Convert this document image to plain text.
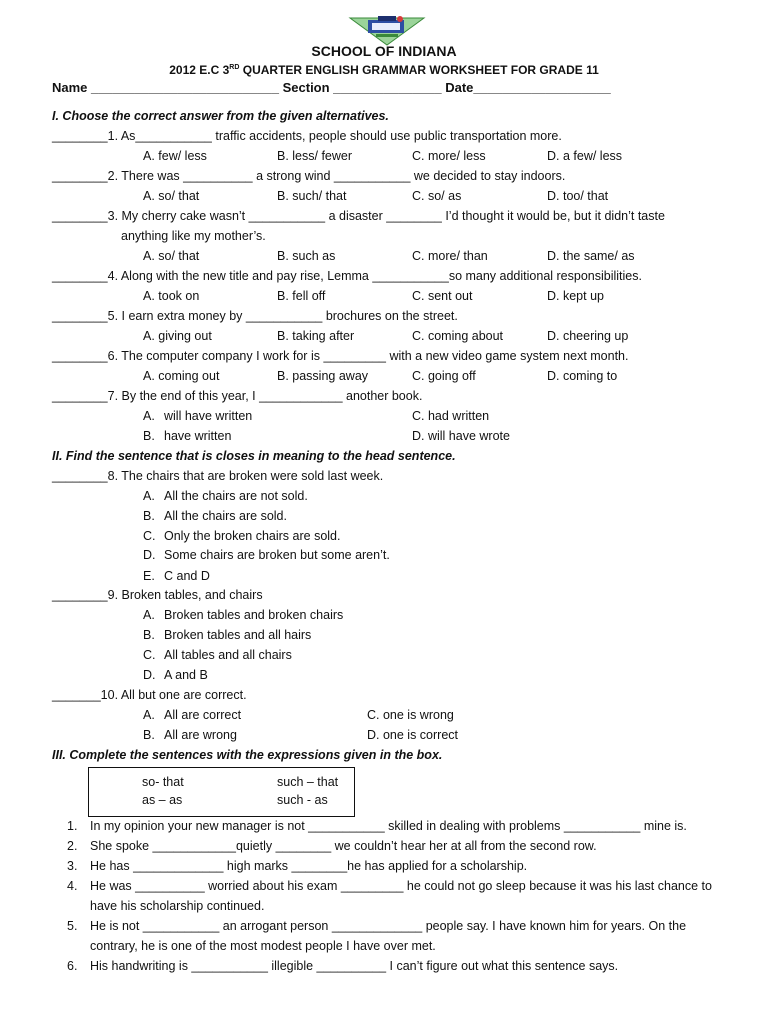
SCHOOL OF INDIANA
2012 E.C 3RD QUARTER ENGLISH GRAMMAR WORKSHEET FOR GRADE 11
Name __________________________ Section _______________ Date___________________
I. Choose the correct answer from the given alternatives.
________1. As___________ traffic accidents, people should use public transportation more.
A. few/ less	B. less/ fewer	C. more/ less	D. a few/ less
________2. There was __________ a strong wind ___________ we decided to stay indoors.
A. so/ that	B. such/ that	C. so/ as	D. too/ that
________3. My cherry cake wasn’t ___________ a disaster ________ I’d thought it would be, but it didn’t taste
anything like my mother’s.
A. so/ that	B. such as	C. more/ than	D. the same/ as
________4. Along with the new title and pay rise, Lemma ___________so many additional responsibilities.
A. took on	B. fell off	C. sent out	D. kept up
________5. I earn extra money by ___________ brochures on the street.
A. giving out	B. taking after	C. coming about	D. cheering up
________6. The computer company I work for is _________ with a new video game system next month.
A. coming out	B. passing away	C. going off	D. coming to
________7. By the end of this year, I ____________ another book.
A. will have written	C. had written
B. have written	D. will have wrote
II. Find the sentence that is closes in meaning to the head sentence.
________8. The chairs that are broken were sold last week.
A. All the chairs are not sold.
B. All the chairs are sold.
C. Only the broken chairs are sold.
D. Some chairs are broken but some aren’t.
E. C and D
________9. Broken tables, and chairs
A. Broken tables and broken chairs
B. Broken tables and all hairs
C. All tables and all chairs
D. A and B
_______10. All but one are correct.
A. All are correct	C. one is wrong
B. All are wrong	D. one is correct
III. Complete the sentences with the expressions given in the box.
so- that	such – that
as – as	such - as
1. In my opinion your new manager is not ___________ skilled in dealing with problems ___________ mine is.
2. She spoke ____________quietly ________ we couldn’t hear her at all from the second row.
3. He has _____________ high marks ________he has applied for a scholarship.
4. He was __________ worried about his exam _________ he could not go sleep because it was his last chance to
have his scholarship continued.
5. He is not ___________ an arrogant person _____________ people say. I have known him for years. On the
contrary, he is one of the most modest people I have over met.
6. His handwriting is ___________ illegible __________ I can’t figure out what this sentence says.
